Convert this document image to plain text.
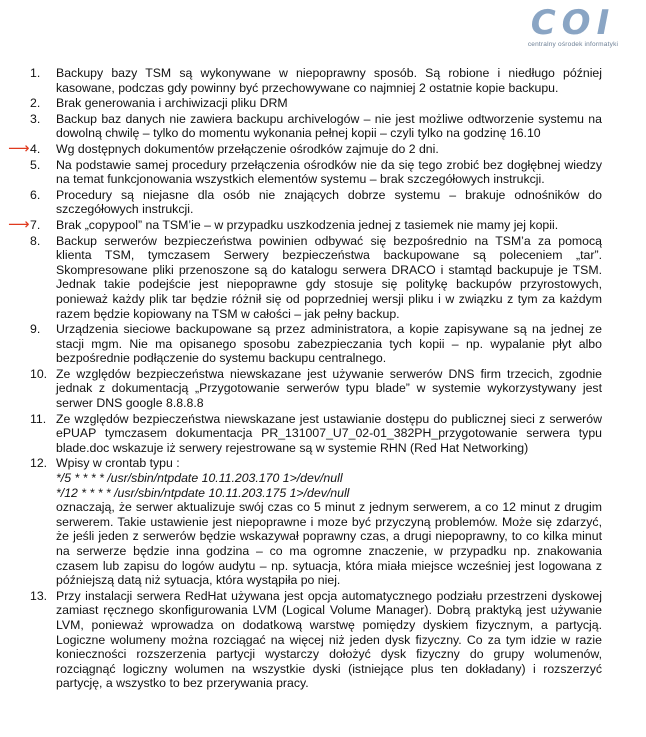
COI
centralny ośrodek informatyki
1. Backupy bazy TSM są wykonywane w niepoprawny sposób. Są robione i niedługo później kasowane, podczas gdy powinny być przechowywane co najmniej 2 ostatnie kopie backupu.
2. Brak generowania i archiwizacji pliku DRM
3. Backup baz danych nie zawiera backupu archivelogów – nie jest możliwe odtworzenie systemu na dowolną chwilę – tylko do momentu wykonania pełnej kopii – czyli tylko na godzinę 16.10
⟶ 4. Wg dostępnych dokumentów przełączenie ośrodków zajmuje do 2 dni.
5. Na podstawie samej procedury przełączenia ośrodków nie da się tego zrobić bez dogłębnej wiedzy na temat funkcjonowania wszystkich elementów systemu – brak szczegółowych instrukcji.
6. Procedury są niejasne dla osób nie znających dobrze systemu – brakuje odnośników do szczegółowych instrukcji.
⟶ 7. Brak „copypool” na TSM’ie – w przypadku uszkodzenia jednej z tasiemek nie mamy jej kopii.
8. Backup serwerów bezpieczeństwa powinien odbywać się bezpośrednio na TSM’a za pomocą klienta TSM, tymczasem Serwery bezpieczeństwa backupowane są poleceniem „tar”. Skompresowane pliki przenoszone są do katalogu serwera DRACO i stamtąd backupuje je TSM. Jednak takie podejście jest niepoprawne gdy stosuje się politykę backupów przyrostowych, ponieważ każdy plik tar będzie różnił się od poprzedniej wersji pliku i w związku z tym za każdym razem będzie kopiowany na TSM w całości – jak pełny backup.
9. Urządzenia sieciowe backupowane są przez administratora, a kopie zapisywane są na jednej ze stacji mgm. Nie ma opisanego sposobu zabezpieczania tych kopii – np. wypalanie płyt albo bezpośrednie podłączenie do systemu backupu centralnego.
10. Ze względów bezpieczeństwa niewskazane jest używanie serwerów DNS firm trzecich, zgodnie jednak z dokumentacją „Przygotowanie serwerów typu blade” w systemie wykorzystywany jest serwer DNS google 8.8.8.8
11. Ze względów bezpieczeństwa niewskazane jest ustawianie dostępu do publicznej sieci z serwerów ePUAP tymczasem dokumentacja PR_131007_U7_02-01_382PH_przygotowanie serwera typu blade.doc wskazuje iż serwery rejestrowane są w systemie RHN (Red Hat Networking)
12. Wpisy w crontab typu :
*/5 * * * * /usr/sbin/ntpdate 10.11.203.170 1>/dev/null
*/12 * * * * /usr/sbin/ntpdate 10.11.203.175 1>/dev/null
oznaczają, że serwer aktualizuje swój czas co 5 minut z jednym serwerem, a co 12 minut z drugim serwerem. Takie ustawienie jest niepoprawne i moze być przyczyną problemów. Może się zdarzyć, że jeśli jeden z serwerów będzie wskazywał poprawny czas, a drugi niepoprawny, to co kilka minut na serwerze będzie inna godzina – co ma ogromne znaczenie, w przypadku np. znakowania czasem lub zapisu do logów audytu – np. sytuacja, która miała miejsce wcześniej jest logowana z późniejszą datą niż sytuacja, która wystąpiła po niej.
13. Przy instalacji serwera RedHat używana jest opcja automatycznego podziału przestrzeni dyskowej zamiast ręcznego skonfigurowania LVM (Logical Volume Manager). Dobrą praktyką jest używanie LVM, ponieważ wprowadza on dodatkową warstwę pomiędzy dyskiem fizycznym, a partycją. Logiczne wolumeny można rozciągać na więcej niż jeden dysk fizyczny. Co za tym idzie w razie konieczności rozszerzenia partycji wystarczy dołożyć dysk fizyczny do grupy wolumenów, rozciągnąć logiczny wolumen na wszystkie dyski (istniejące plus ten dokładany) i rozszerzyć partycję, a wszystko to bez przerywania pracy.
